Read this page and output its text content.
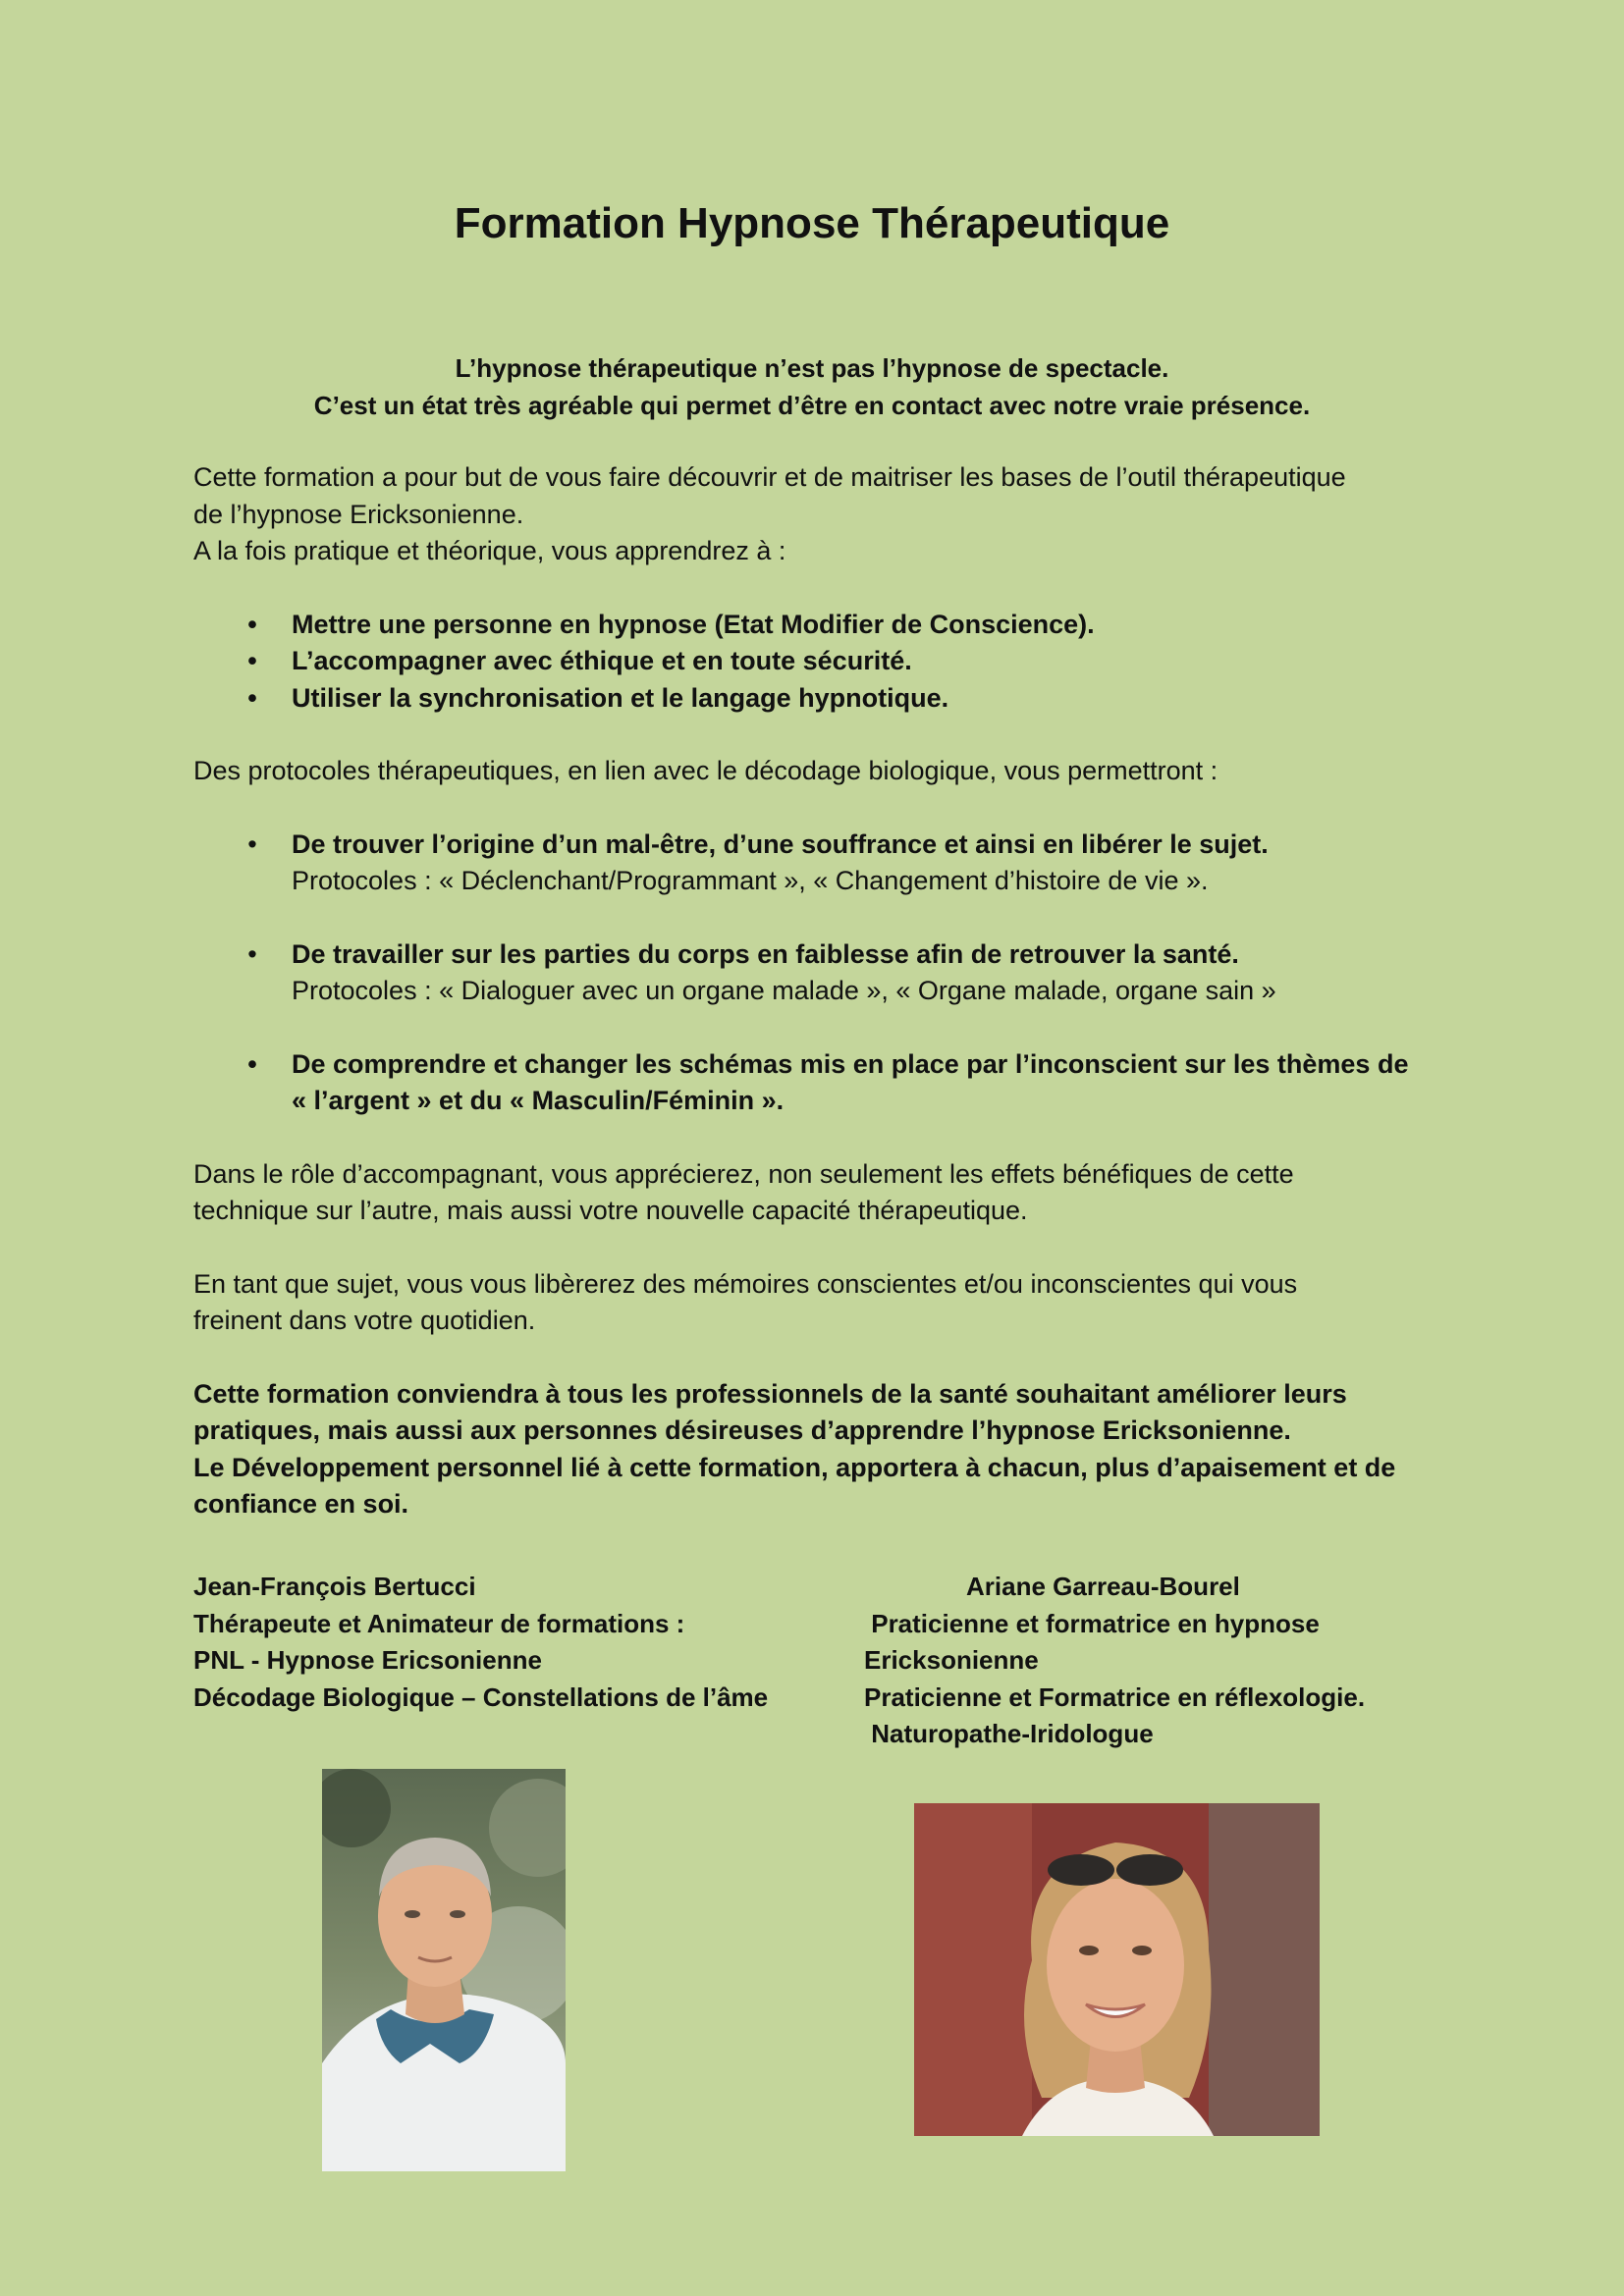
Formation Hypnose Thérapeutique
L’hypnose thérapeutique n’est pas l’hypnose de spectacle.
C’est un état très agréable qui permet d’être en contact avec notre vraie présence.

Cette formation a pour but de vous faire découvrir et de maitriser les bases de l’outil thérapeutique
de l’hypnose Ericksonienne.
A la fois pratique et théorique, vous apprendrez à :

• Mettre une personne en hypnose (Etat Modifier de Conscience).
• L’accompagner avec éthique et en toute sécurité.
• Utiliser la synchronisation et le langage hypnotique.

Des protocoles thérapeutiques, en lien avec le décodage biologique, vous permettront :

• De trouver l’origine d’un mal-être, d’une souffrance et ainsi en libérer le sujet.
Protocoles : « Déclenchant/Programmant », « Changement d’histoire de vie ».
• De travailler sur les parties du corps en faiblesse afin de retrouver la santé.
Protocoles : « Dialoguer avec un organe malade », « Organe malade, organe sain »
• De comprendre et changer les schémas mis en place par l’inconscient sur les thèmes de
« l’argent » et du « Masculin/Féminin ».

Dans le rôle d’accompagnant, vous apprécierez, non seulement les effets bénéfiques de cette
technique sur l’autre, mais aussi votre nouvelle capacité thérapeutique.

En tant que sujet, vous vous libèrerez des mémoires conscientes et/ou inconscientes qui vous
freinent dans votre quotidien.

Cette formation conviendra à tous les professionnels de la santé souhaitant améliorer leurs
pratiques, mais aussi aux personnes désireuses d’apprendre l’hypnose Ericksonienne.
Le Développement personnel lié à cette formation, apportera à chacun, plus d’apaisement et de
confiance en soi.

Jean-François Bertucci
Thérapeute et Animateur de formations :
PNL - Hypnose Ericsonienne
Décodage Biologique – Constellations de l’âme
Ariane Garreau-Bourel
Praticienne et formatrice en hypnose
Ericksonienne
Praticienne et Formatrice en réflexologie.
Naturopathe-Iridologue
